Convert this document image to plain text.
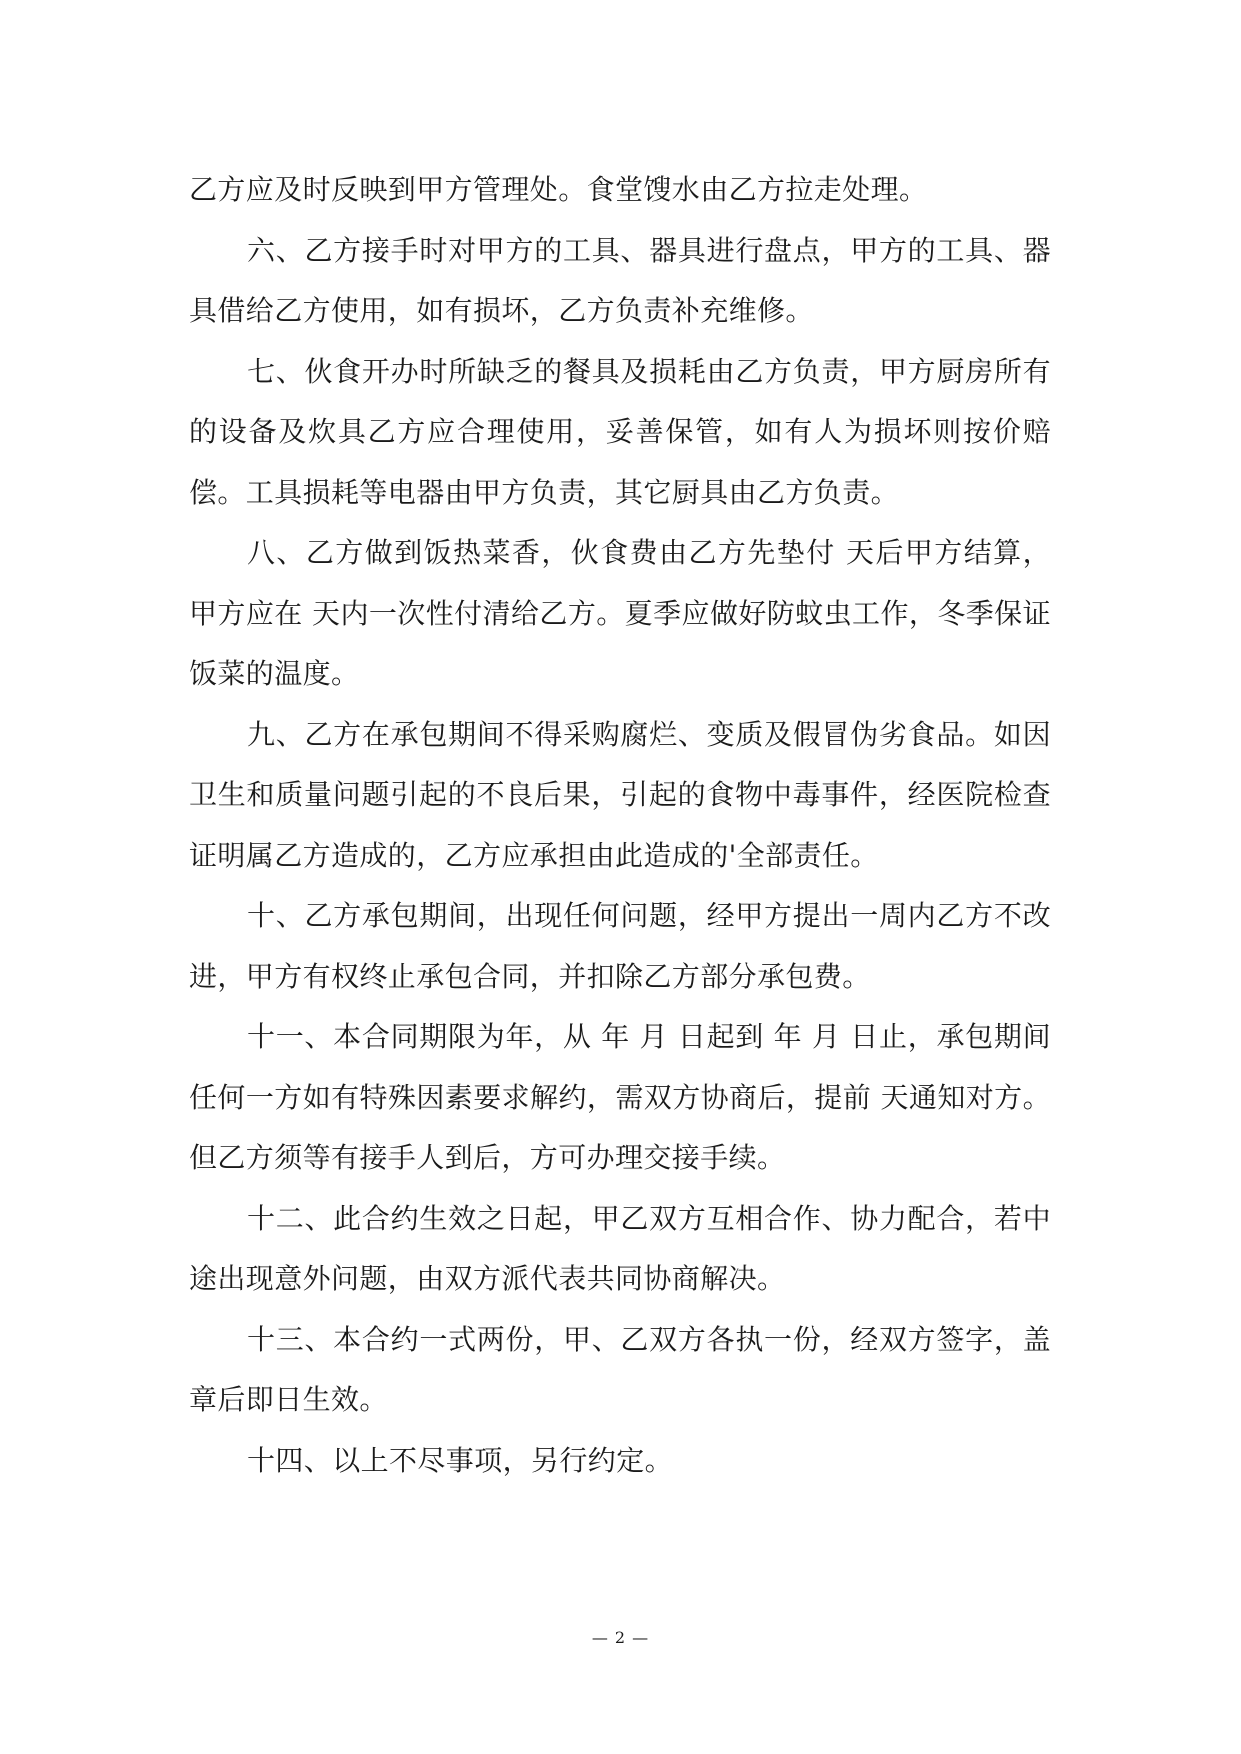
乙方应及时反映到甲方管理处。食堂馊水由乙方拉走处理。

六、乙方接手时对甲方的工具、器具进行盘点，甲方的工具、器具借给乙方使用，如有损坏，乙方负责补充维修。

七、伙食开办时所缺乏的餐具及损耗由乙方负责，甲方厨房所有的设备及炊具乙方应合理使用，妥善保管，如有人为损坏则按价赔偿。工具损耗等电器由甲方负责，其它厨具由乙方负责。

八、乙方做到饭热菜香，伙食费由乙方先垫付 天后甲方结算，甲方应在 天内一次性付清给乙方。夏季应做好防蚊虫工作，冬季保证饭菜的温度。

九、乙方在承包期间不得采购腐烂、变质及假冒伪劣食品。如因卫生和质量问题引起的不良后果，引起的食物中毒事件，经医院检查证明属乙方造成的，乙方应承担由此造成的'全部责任。

十、乙方承包期间，出现任何问题，经甲方提出一周内乙方不改进，甲方有权终止承包合同，并扣除乙方部分承包费。

十一、本合同期限为年，从 年 月 日起到 年 月 日止，承包期间任何一方如有特殊因素要求解约，需双方协商后，提前 天通知对方。但乙方须等有接手人到后，方可办理交接手续。

十二、此合约生效之日起，甲乙双方互相合作、协力配合，若中途出现意外问题，由双方派代表共同协商解决。

十三、本合约一式两份，甲、乙双方各执一份，经双方签字，盖章后即日生效。

十四、以上不尽事项，另行约定。

— 2 —
